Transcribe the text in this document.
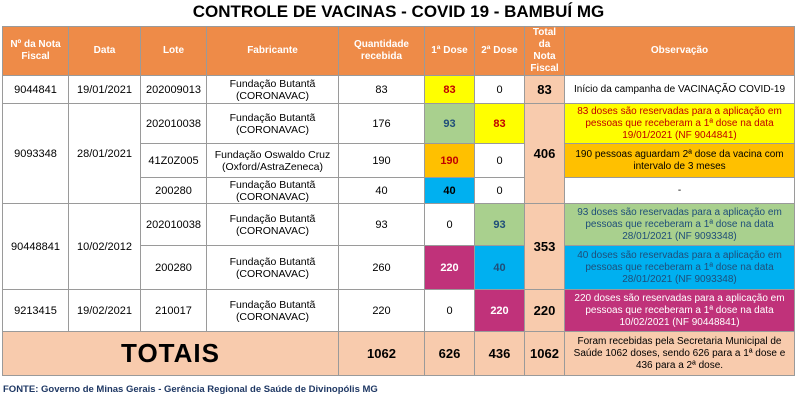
CONTROLE DE VACINAS - COVID 19 - BAMBUÍ MG
Nº da Nota Fiscal	Data	Lote	Fabricante	Quantidade recebida	1ª Dose	2ª Dose	Total da Nota Fiscal	Observação
9044841	19/01/2021	202009013	Fundação Butantã
(CORONAVAC)	83	83	0	83	Início da campanha de VACINAÇÃO COVID-19
9093348	28/01/2021	202010038	Fundação Butantã
(CORONAVAC)	176	93	83	406	83 doses são reservadas para a aplicação em pessoas que receberam a 1ª dose na data 19/01/2021 (NF 9044841)
		41Z0Z005	Fundação Oswaldo Cruz
(Oxford/AstraZeneca)	190	190	0		190 pessoas aguardam 2ª dose da vacina com intervalo de 3 meses
		200280	Fundação Butantã
(CORONAVAC)	40	40	0		-
90448841	10/02/2012	202010038	Fundação Butantã
(CORONAVAC)	93	0	93	353	93 doses são reservadas para a aplicação em pessoas que receberam a 1ª dose na data 28/01/2021 (NF 9093348)
		200280	Fundação Butantã
(CORONAVAC)	260	220	40		40 doses são reservadas para a aplicação em pessoas que receberam a 1ª dose na data 28/01/2021 (NF 9093348)
9213415	19/02/2021	210017	Fundação Butantã
(CORONAVAC)	220	0	220	220	220 doses são reservadas para a aplicação em pessoas que receberam a 1ª dose na data 10/02/2021 (NF 90448841)
TOTAIS				1062	626	436	1062	Foram recebidas pela Secretaria Municipal de Saúde 1062 doses, sendo 626 para a 1ª dose e 436 para a 2ª dose.
FONTE: Governo de Minas Gerais - Gerência Regional de Saúde de Divinopólis MG
